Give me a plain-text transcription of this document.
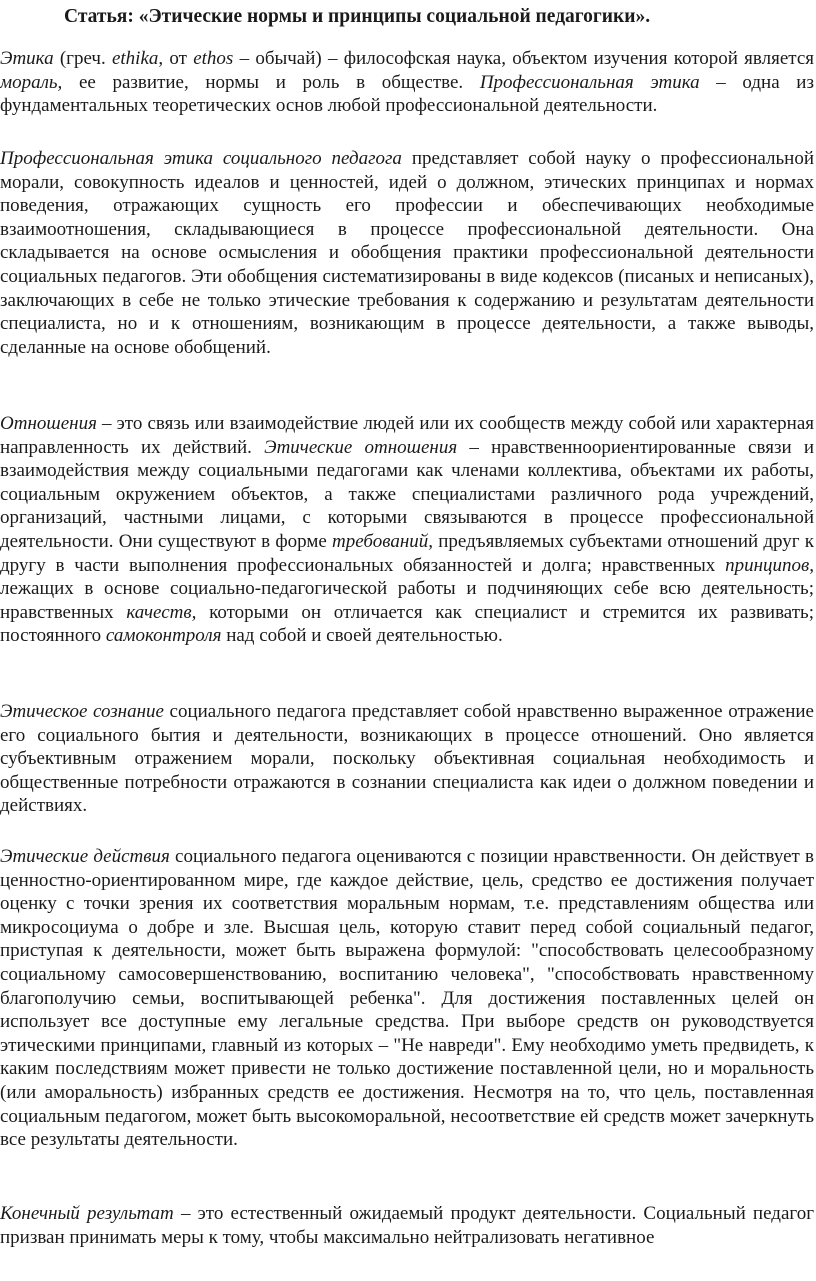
Статья: «Этические нормы и принципы социальной педагогики».

Этика (греч. ethika, от ethos – обычай) – философская наука, объектом изучения которой является мораль, ее развитие, нормы и роль в обществе. Профессиональная этика – одна из фундаментальных теоретических основ любой профессиональной деятельности.

Профессиональная этика социального педагога представляет собой науку о профессиональной морали, совокупность идеалов и ценностей, идей о должном, этических принципах и нормах поведения, отражающих сущность его профессии и обеспечивающих необходимые взаимоотношения, складывающиеся в процессе профессиональной деятельности. Она складывается на основе осмысления и обобщения практики профессиональной деятельности социальных педагогов. Эти обобщения систематизированы в виде кодексов (писаных и неписаных), заключающих в себе не только этические требования к содержанию и результатам деятельности специалиста, но и к отношениям, возникающим в процессе деятельности, а также выводы, сделанные на основе обобщений.

Отношения – это связь или взаимодействие людей или их сообществ между собой или характерная направленность их действий. Этические отношения – нравственноориентированные связи и взаимодействия между социальными педагогами как членами коллектива, объектами их работы, социальным окружением объектов, а также специалистами различного рода учреждений, организаций, частными лицами, с которыми связываются в процессе профессиональной деятельности. Они существуют в форме требований, предъявляемых субъектами отношений друг к другу в части выполнения профессиональных обязанностей и долга; нравственных принципов, лежащих в основе социально-педагогической работы и подчиняющих себе всю деятельность; нравственных качеств, которыми он отличается как специалист и стремится их развивать; постоянного самоконтроля над собой и своей деятельностью.

Этическое сознание социального педагога представляет собой нравственно выраженное отражение его социального бытия и деятельности, возникающих в процессе отношений. Оно является субъективным отражением морали, поскольку объективная социальная необходимость и общественные потребности отражаются в сознании специалиста как идеи о должном поведении и действиях.

Этические действия социального педагога оцениваются с позиции нравственности. Он действует в ценностно-ориентированном мире, где каждое действие, цель, средство ее достижения получает оценку с точки зрения их соответствия моральным нормам, т.е. представлениям общества или микросоциума о добре и зле. Высшая цель, которую ставит перед собой социальный педагог, приступая к деятельности, может быть выражена формулой: "способствовать целесообразному социальному самосовершенствованию, воспитанию человека", "способствовать нравственному благополучию семьи, воспитывающей ребенка". Для достижения поставленных целей он использует все доступные ему легальные средства. При выборе средств он руководствуется этическими принципами, главный из которых – "Не навреди". Ему необходимо уметь предвидеть, к каким последствиям может привести не только достижение поставленной цели, но и моральность (или аморальность) избранных средств ее достижения. Несмотря на то, что цель, поставленная социальным педагогом, может быть высокоморальной, несоответствие ей средств может зачеркнуть все результаты деятельности.

Конечный результат – это естественный ожидаемый продукт деятельности. Социальный педагог призван принимать меры к тому, чтобы максимально нейтрализовать негативное
